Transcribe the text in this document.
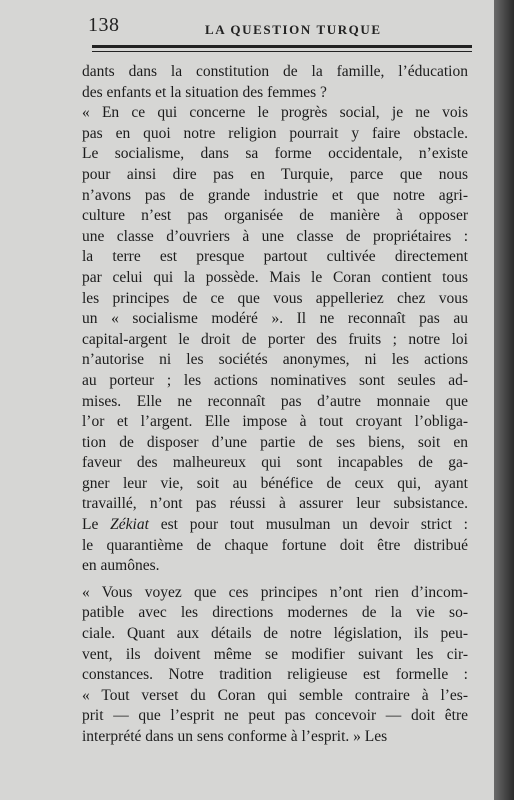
138	LA QUESTION TURQUE
dants dans la constitution de la famille, l’éducation
des enfants et la situation des femmes ?
« En ce qui concerne le progrès social, je ne vois
pas en quoi notre religion pourrait y faire obstacle.
Le socialisme, dans sa forme occidentale, n’existe
pour ainsi dire pas en Turquie, parce que nous
n’avons pas de grande industrie et que notre agri-
culture n’est pas organisée de manière à opposer
une classe d’ouvriers à une classe de propriétaires :
la terre est presque partout cultivée directement
par celui qui la possède. Mais le Coran contient tous
les principes de ce que vous appelleriez chez vous
un « socialisme modéré ». Il ne reconnaît pas au
capital-argent le droit de porter des fruits ; notre loi
n’autorise ni les sociétés anonymes, ni les actions
au porteur ; les actions nominatives sont seules ad-
mises. Elle ne reconnaît pas d’autre monnaie que
l’or et l’argent. Elle impose à tout croyant l’obliga-
tion de disposer d’une partie de ses biens, soit en
faveur des malheureux qui sont incapables de ga-
gner leur vie, soit au bénéfice de ceux qui, ayant
travaillé, n’ont pas réussi à assurer leur subsistance.
Le Zékiat est pour tout musulman un devoir strict :
le quarantième de chaque fortune doit être distribué
en aumônes.
« Vous voyez que ces principes n’ont rien d’incom-
patible avec les directions modernes de la vie so-
ciale. Quant aux détails de notre législation, ils peu-
vent, ils doivent même se modifier suivant les cir-
constances. Notre tradition religieuse est formelle :
« Tout verset du Coran qui semble contraire à l’es-
prit — que l’esprit ne peut pas concevoir — doit être
interprété dans un sens conforme à l’esprit. » Les
